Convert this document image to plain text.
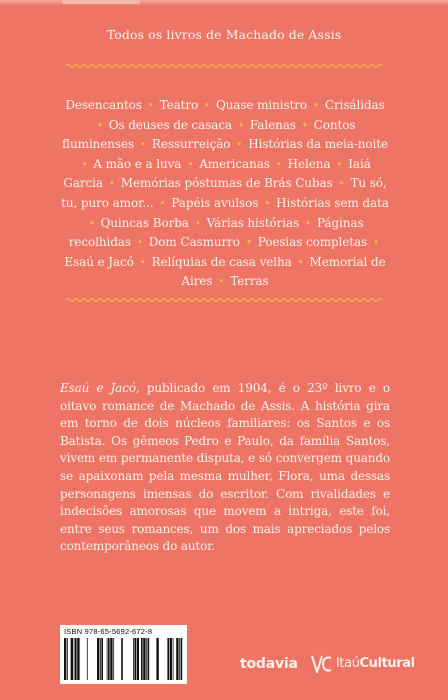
Todos os livros de Machado de Assis
Desencantos • Teatro • Quase ministro • Crisálidas • Os deuses de casaca • Falenas • Contos fluminenses • Ressurreição • Histórias da meia-noite • A mão e a luva • Americanas • Helena • Iaiá Garcia • Memórias póstumas de Brás Cubas • Tu só, tu, puro amor... • Papéis avulsos • Histórias sem data • Quincas Borba • Várias histórias • Páginas recolhidas • Dom Casmurro • Poesias completas • Esaú e Jacó • Relíquias de casa velha • Memorial de Aires • Terras
Esaú e Jacó, publicado em 1904, é o 23º livro e o oitavo romance de Machado de Assis. A história gira em torno de dois núcleos familiares: os Santos e os Batista. Os gêmeos Pedro e Paulo, da família Santos, vivem em permanente disputa, e só convergem quando se apaixonam pela mesma mulher, Flora, uma dessas personagens imensas do escritor. Com rivalidades e indecisões amorosas que movem a intriga, este foi, entre seus romances, um dos mais apreciados pelos contemporâneos do autor.
ISBN 978-65-5692-672-8
todavia	ItaúCultural
